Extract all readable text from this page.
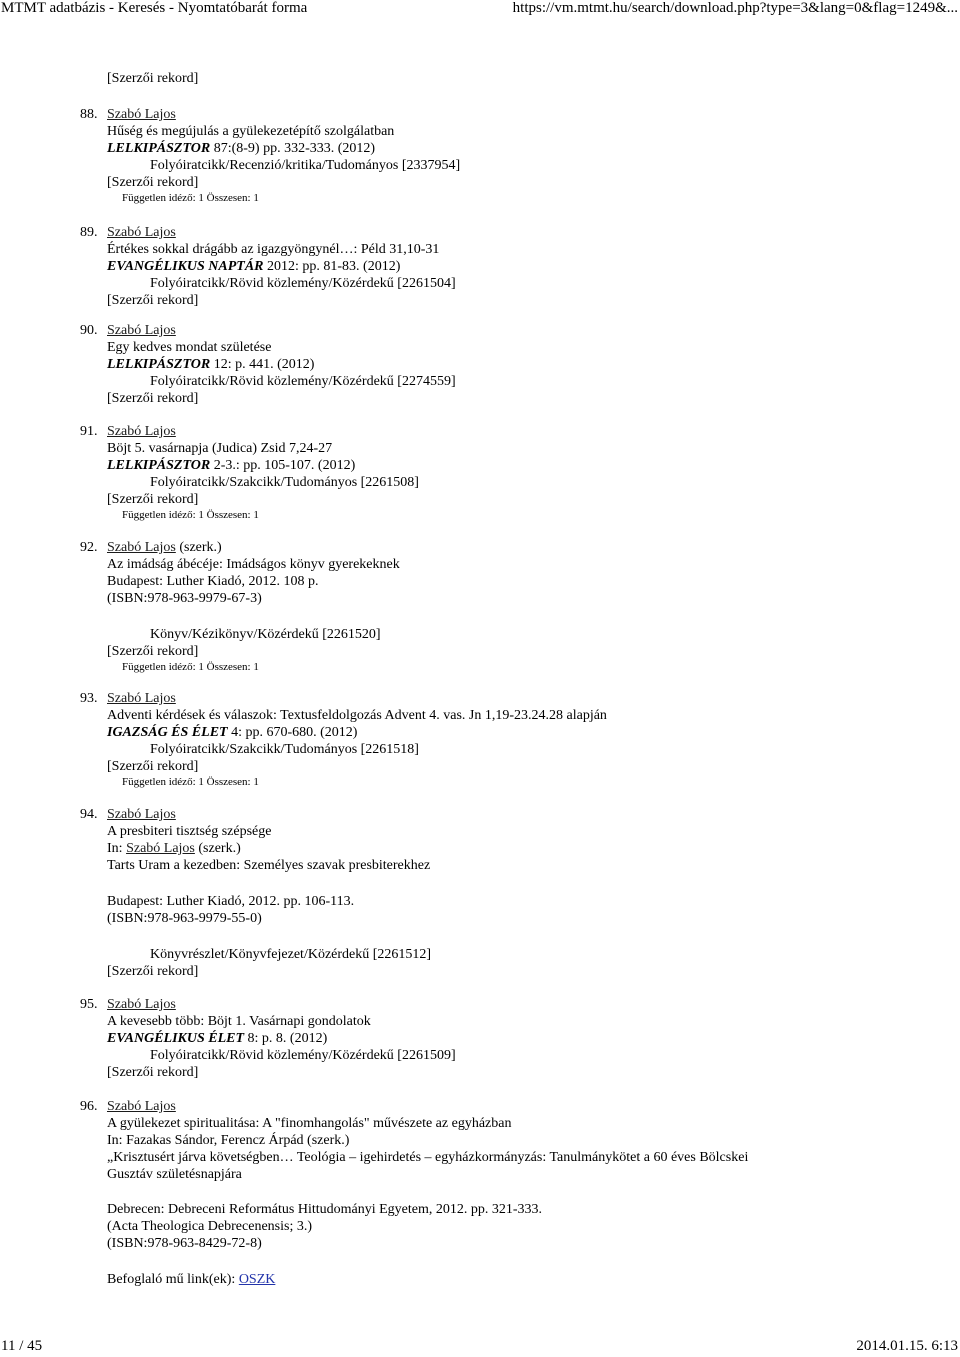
MTMT adatbázis - Keresés - Nyomtatóbarát forma	https://vm.mtmt.hu/search/download.php?type=3&lang=0&flag=1249&...
[Szerzői rekord]
88. Szabó Lajos
Hűség és megújulás a gyülekezetépítő szolgálatban
LELKIPÁSZTOR 87:(8-9) pp. 332-333. (2012)
Folyóiratcikk/Recenzió/kritika/Tudományos [2337954]
[Szerzői rekord]
Független idéző: 1 Összesen: 1
89. Szabó Lajos
Értékes sokkal drágább az igazgyöngynél…: Péld 31,10-31
EVANGÉLIKUS NAPTÁR 2012: pp. 81-83. (2012)
Folyóiratcikk/Rövid közlemény/Közérdekű [2261504]
[Szerzői rekord]
90. Szabó Lajos
Egy kedves mondat születése
LELKIPÁSZTOR 12: p. 441. (2012)
Folyóiratcikk/Rövid közlemény/Közérdekű [2274559]
[Szerzői rekord]
91. Szabó Lajos
Böjt 5. vasárnapja (Judica) Zsid 7,24-27
LELKIPÁSZTOR 2-3.: pp. 105-107. (2012)
Folyóiratcikk/Szakcikk/Tudományos [2261508]
[Szerzői rekord]
Független idéző: 1 Összesen: 1
92. Szabó Lajos (szerk.)
Az imádság ábécéje: Imádságos könyv gyerekeknek
Budapest: Luther Kiadó, 2012. 108 p.
(ISBN:978-963-9979-67-3)
Könyv/Kézikönyv/Közérdekű [2261520]
[Szerzői rekord]
Független idéző: 1 Összesen: 1
93. Szabó Lajos
Adventi kérdések és válaszok: Textusfeldolgozás Advent 4. vas. Jn 1,19-23.24.28 alapján
IGAZSÁG ÉS ÉLET 4: pp. 670-680. (2012)
Folyóiratcikk/Szakcikk/Tudományos [2261518]
[Szerzői rekord]
Független idéző: 1 Összesen: 1
94. Szabó Lajos
A presbiteri tisztség szépsége
In: Szabó Lajos (szerk.)
Tarts Uram a kezedben: Személyes szavak presbiterekhez
Budapest: Luther Kiadó, 2012. pp. 106-113.
(ISBN:978-963-9979-55-0)
Könyvrészlet/Könyvfejezet/Közérdekű [2261512]
[Szerzői rekord]
95. Szabó Lajos
A kevesebb több: Böjt 1. Vasárnapi gondolatok
EVANGÉLIKUS ÉLET 8: p. 8. (2012)
Folyóiratcikk/Rövid közlemény/Közérdekű [2261509]
[Szerzői rekord]
96. Szabó Lajos
A gyülekezet spiritualitása: A "finomhangolás" művészete az egyházban
In: Fazakas Sándor, Ferencz Árpád (szerk.)
„Krisztusért járva követségben… Teológia – igehirdetés – egyházkormányzás: Tanulmánykötet a 60 éves Bölcskei
Gusztáv születésnapjára
Debrecen: Debreceni Református Hittudományi Egyetem, 2012. pp. 321-333.
(Acta Theologica Debrecenensis; 3.)
(ISBN:978-963-8429-72-8)
Befoglaló mű link(ek): OSZK
11 / 45	2014.01.15. 6:13
